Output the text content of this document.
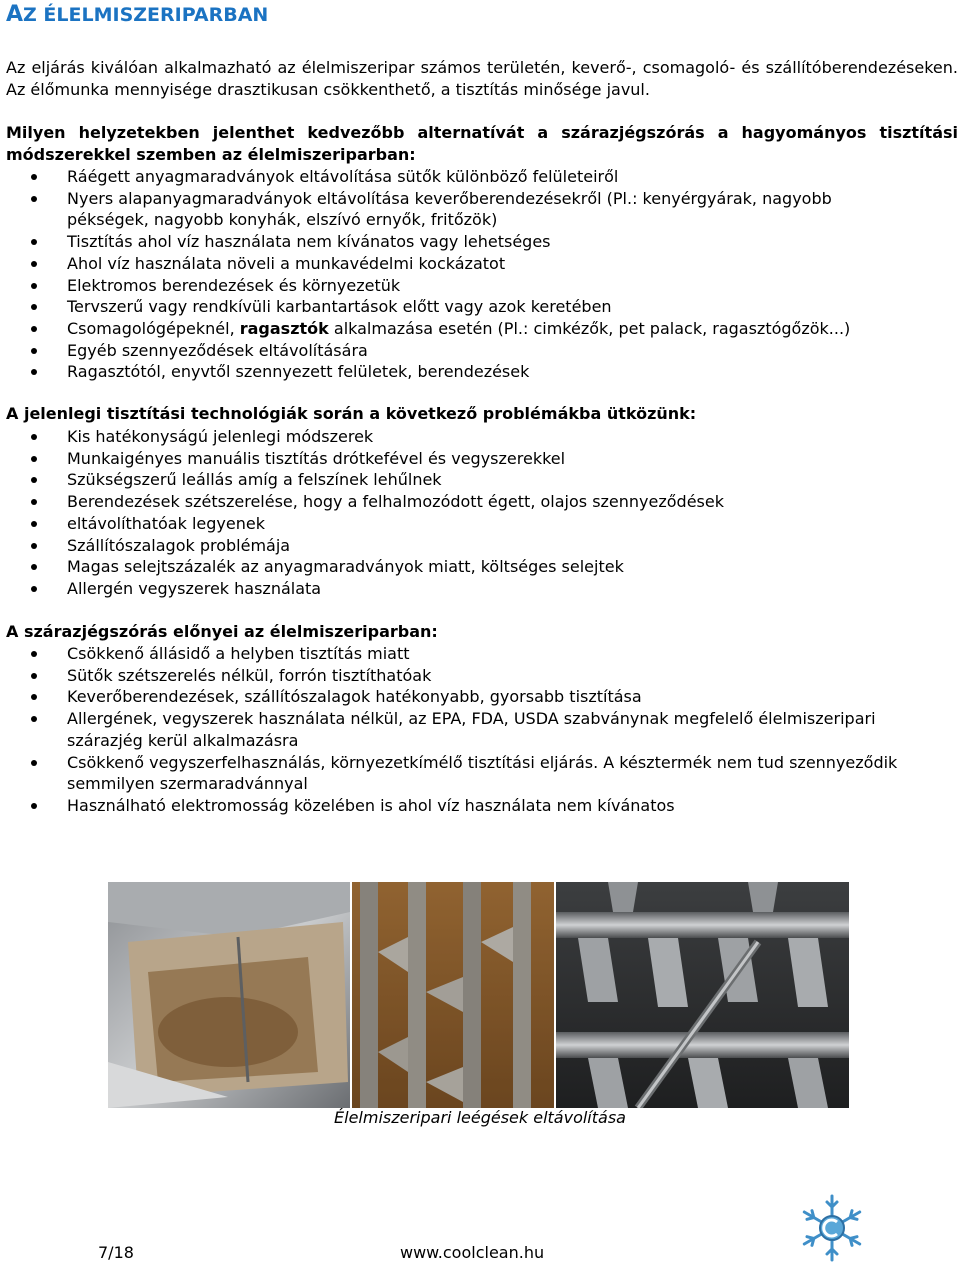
AZ ÉLELMISZERIPARBAN
Az eljárás kiválóan alkalmazható az élelmiszeripar számos területén, keverő-, csomagoló- és szállítóberendezéseken. Az élőmunka mennyisége drasztikusan csökkenthető, a tisztítás minősége javul.
Milyen helyzetekben jelenthet kedvezőbb alternatívát a szárazjégszórás a hagyományos tisztítási módszerekkel szemben az élelmiszeriparban:
Ráégett anyagmaradványok eltávolítása sütők különböző felületeiről
Nyers alapanyagmaradványok eltávolítása keverőberendezésekről (Pl.: kenyérgyárak, nagyobb
pékségek, nagyobb konyhák, elszívó ernyők, fritőzök)
Tisztítás ahol víz használata nem kívánatos vagy lehetséges
Ahol víz használata növeli a munkavédelmi kockázatot
Elektromos berendezések és környezetük
Tervszerű vagy rendkívüli karbantartások előtt vagy azok keretében
Csomagológépeknél, ragasztók alkalmazása esetén (Pl.: cimkézők, pet palack, ragasztógőzök...)
Egyéb szennyeződések eltávolítására
Ragasztótól, enyvtől szennyezett felületek, berendezések
A jelenlegi tisztítási technológiák során a következő problémákba ütközünk:
Kis hatékonyságú jelenlegi módszerek
Munkaigényes manuális tisztítás drótkefével és vegyszerekkel
Szükségszerű leállás amíg a felszínek lehűlnek
Berendezések szétszerelése, hogy a felhalmozódott égett, olajos szennyeződések
eltávolíthatóak legyenek
Szállítószalagok problémája
Magas selejtszázalék az anyagmaradványok miatt, költséges selejtek
Allergén vegyszerek használata
A szárazjégszórás előnyei az élelmiszeriparban:
Csökkenő állásidő a helyben tisztítás miatt
Sütők szétszerelés nélkül, forrón tisztíthatóak
Keverőberendezések, szállítószalagok hatékonyabb, gyorsabb tisztítása
Allergének, vegyszerek használata nélkül, az EPA, FDA, USDA szabványnak megfelelő élelmiszeripari
szárazjég kerül alkalmazásra
Csökkenő vegyszerfelhasználás, környezetkímélő tisztítási eljárás. A késztermék nem tud szennyeződik
semmilyen szermaradvánnyal
Használható elektromosság közelében is ahol víz használata nem kívánatos
Élelmiszeripari leégések eltávolítása
7/18	www.coolclean.hu
